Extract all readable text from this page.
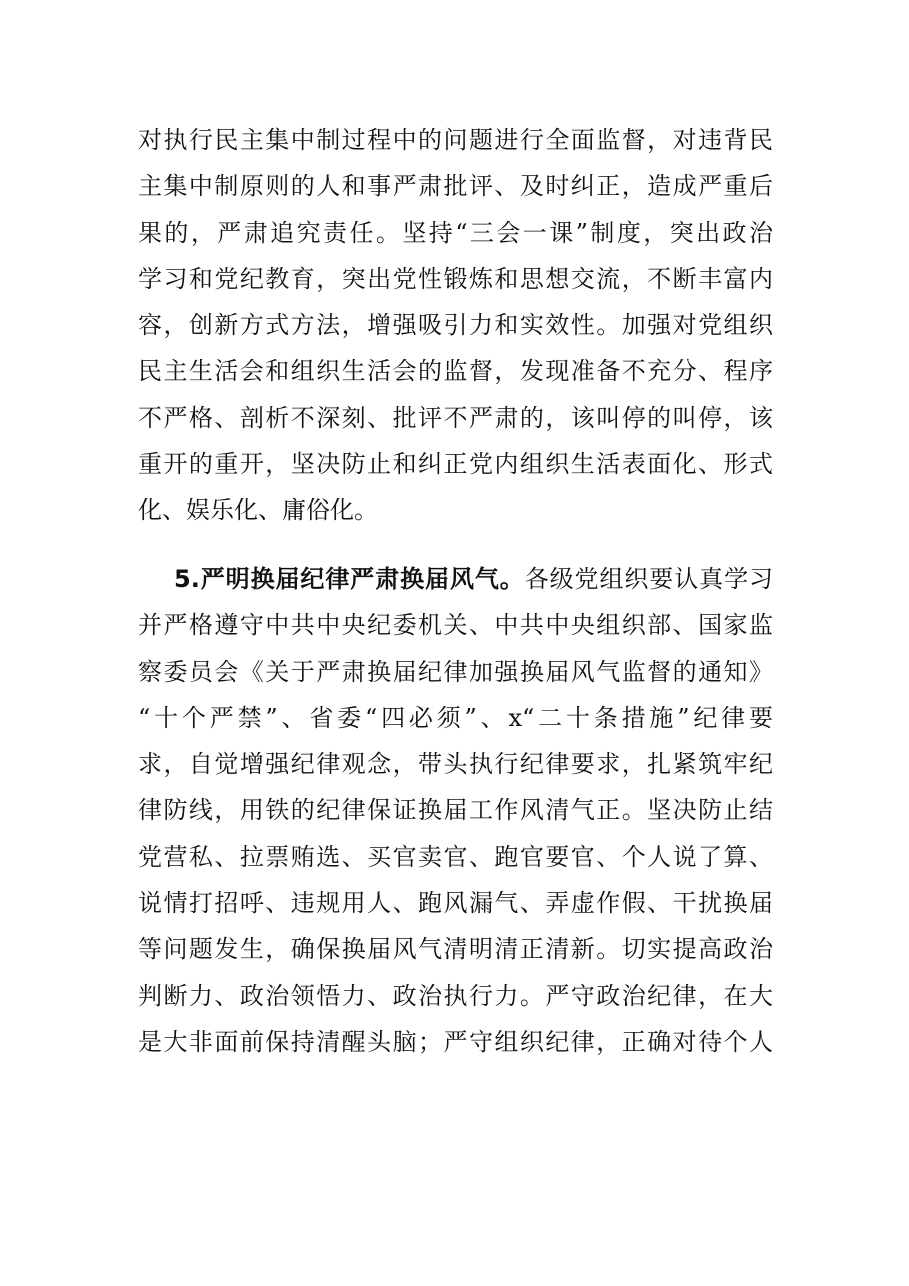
对执行民主集中制过程中的问题进行全面监督，对违背民
主集中制原则的人和事严肃批评、及时纠正，造成严重后
果的，严肃追究责任。坚持“三会一课”制度，突出政治
学习和党纪教育，突出党性锻炼和思想交流，不断丰富内
容，创新方式方法，增强吸引力和实效性。加强对党组织
民主生活会和组织生活会的监督，发现准备不充分、程序
不严格、剖析不深刻、批评不严肃的，该叫停的叫停，该
重开的重开，坚决防止和纠正党内组织生活表面化、形式
化、娱乐化、庸俗化。
5.严明换届纪律严肃换届风气。各级党组织要认真学习
并严格遵守中共中央纪委机关、中共中央组织部、国家监
察委员会《关于严肃换届纪律加强换届风气监督的通知》
“十个严禁”、省委“四必须”、x“二十条措施”纪律要
求，自觉增强纪律观念，带头执行纪律要求，扎紧筑牢纪
律防线，用铁的纪律保证换届工作风清气正。坚决防止结
党营私、拉票贿选、买官卖官、跑官要官、个人说了算、
说情打招呼、违规用人、跑风漏气、弄虚作假、干扰换届
等问题发生，确保换届风气清明清正清新。切实提高政治
判断力、政治领悟力、政治执行力。严守政治纪律，在大
是大非面前保持清醒头脑；严守组织纪律，正确对待个人
